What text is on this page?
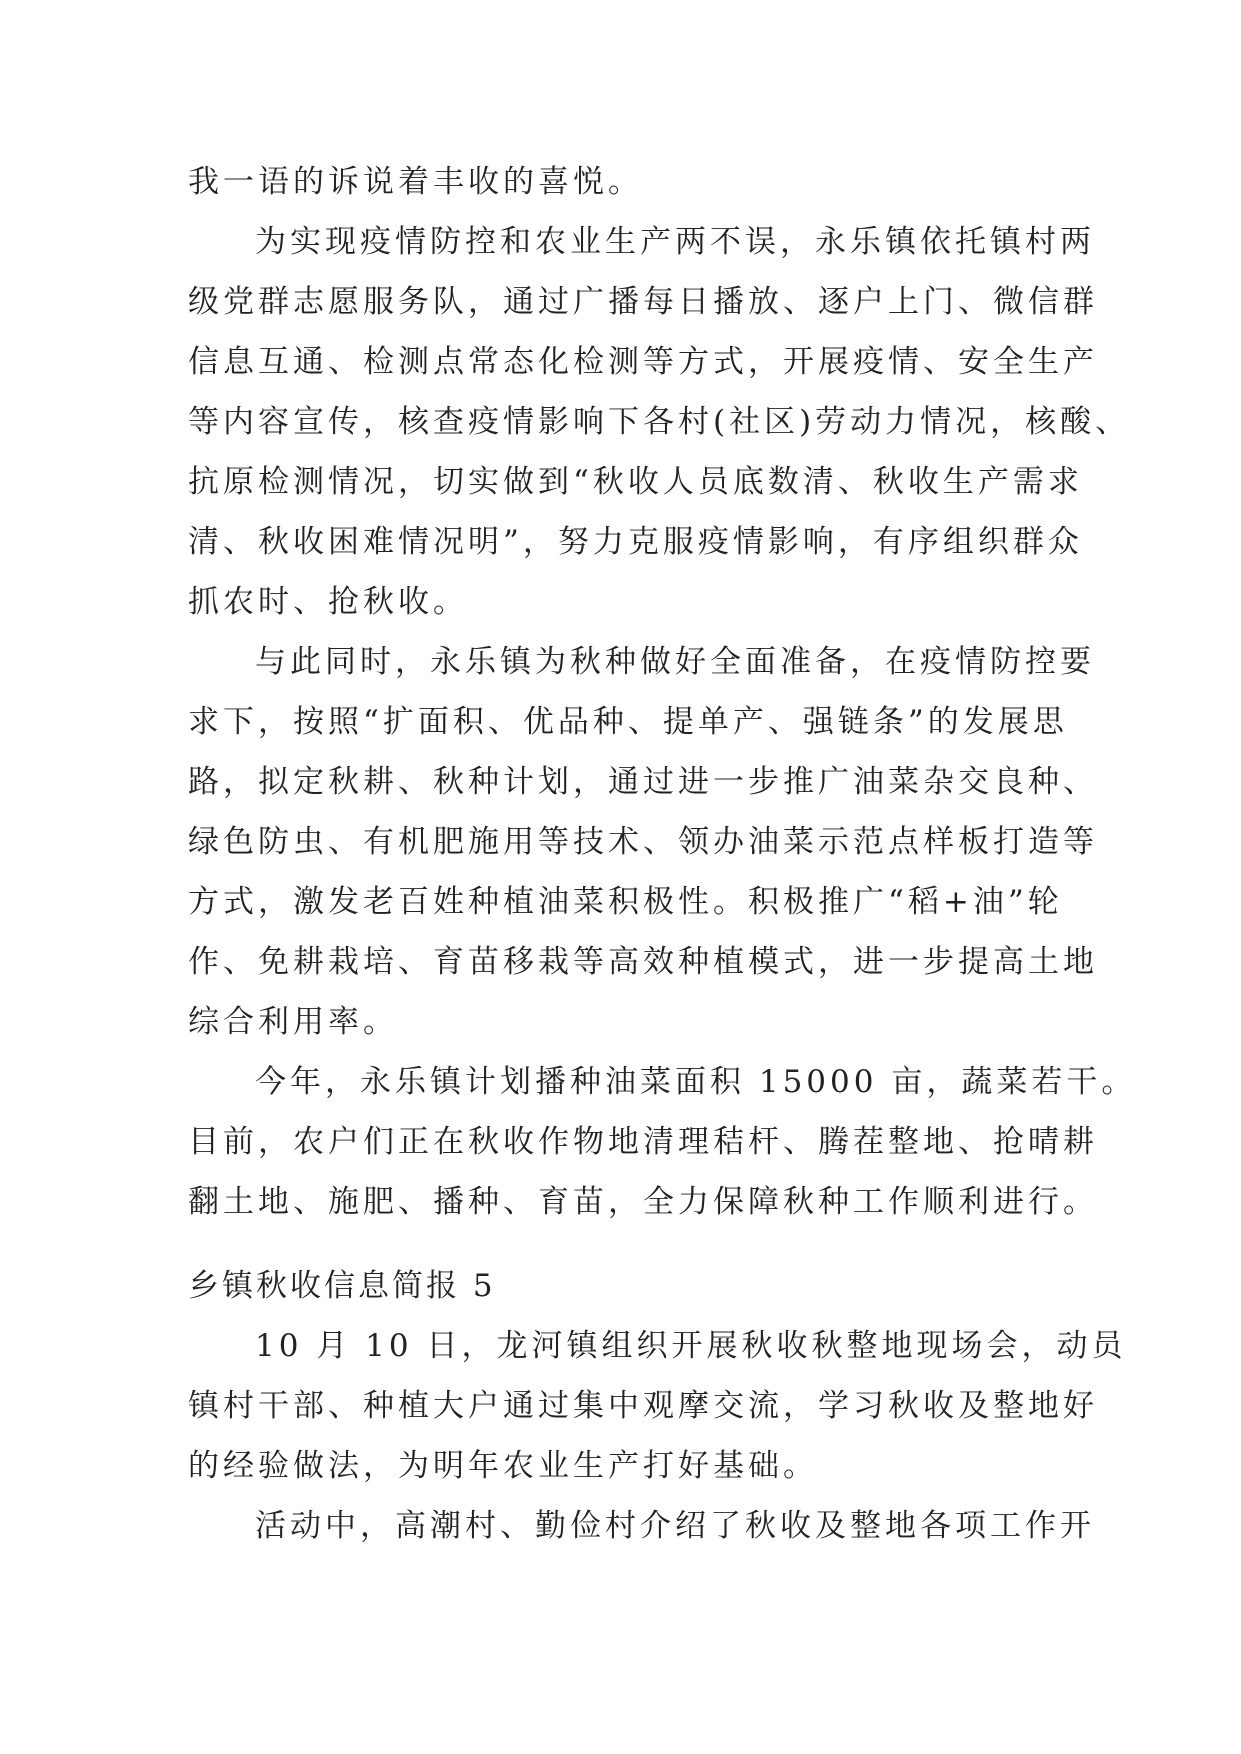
我一语的诉说着丰收的喜悦。
为实现疫情防控和农业生产两不误，永乐镇依托镇村两
级党群志愿服务队，通过广播每日播放、逐户上门、微信群
信息互通、检测点常态化检测等方式，开展疫情、安全生产
等内容宣传，核查疫情影响下各村(社区)劳动力情况，核酸、
抗原检测情况，切实做到“秋收人员底数清、秋收生产需求
清、秋收困难情况明”，努力克服疫情影响，有序组织群众
抓农时、抢秋收。
与此同时，永乐镇为秋种做好全面准备，在疫情防控要
求下，按照“扩面积、优品种、提单产、强链条”的发展思
路，拟定秋耕、秋种计划，通过进一步推广油菜杂交良种、
绿色防虫、有机肥施用等技术、领办油菜示范点样板打造等
方式，激发老百姓种植油菜积极性。积极推广“稻+油”轮
作、免耕栽培、育苗移栽等高效种植模式，进一步提高土地
综合利用率。
今年，永乐镇计划播种油菜面积 15000 亩，蔬菜若干。
目前，农户们正在秋收作物地清理秸杆、腾茬整地、抢晴耕
翻土地、施肥、播种、育苗，全力保障秋种工作顺利进行。
乡镇秋收信息简报 5
10 月 10 日，龙河镇组织开展秋收秋整地现场会，动员
镇村干部、种植大户通过集中观摩交流，学习秋收及整地好
的经验做法，为明年农业生产打好基础。
活动中，高潮村、勤俭村介绍了秋收及整地各项工作开
